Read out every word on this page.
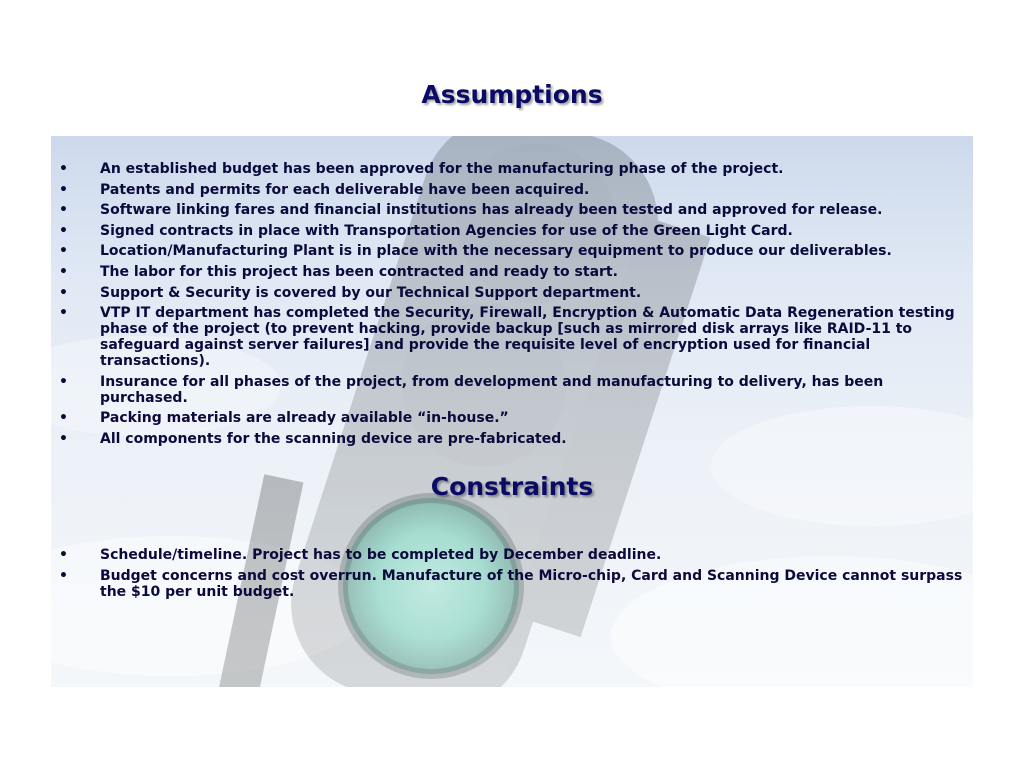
Assumptions
• An established budget has been approved for the manufacturing phase of the project.
• Patents and permits for each deliverable have been acquired.
• Software linking fares and financial institutions has already been tested and approved for release.
• Signed contracts in place with Transportation Agencies for use of the Green Light Card.
• Location/Manufacturing Plant is in place with the necessary equipment to produce our deliverables.
• The labor for this project has been contracted and ready to start.
• Support & Security is covered by our Technical Support department.
• VTP IT department has completed the Security, Firewall, Encryption & Automatic Data Regeneration testing phase of the project (to prevent hacking, provide backup [such as mirrored disk arrays like RAID-11 to safeguard against server failures] and provide the requisite level of encryption used for financial transactions).
• Insurance for all phases of the project, from development and manufacturing to delivery, has been purchased.
• Packing materials are already available “in-house.”
• All components for the scanning device are pre-fabricated.
Constraints
• Schedule/timeline. Project has to be completed by December deadline.
• Budget concerns and cost overrun. Manufacture of the Micro-chip, Card and Scanning Device cannot surpass the $10 per unit budget.
